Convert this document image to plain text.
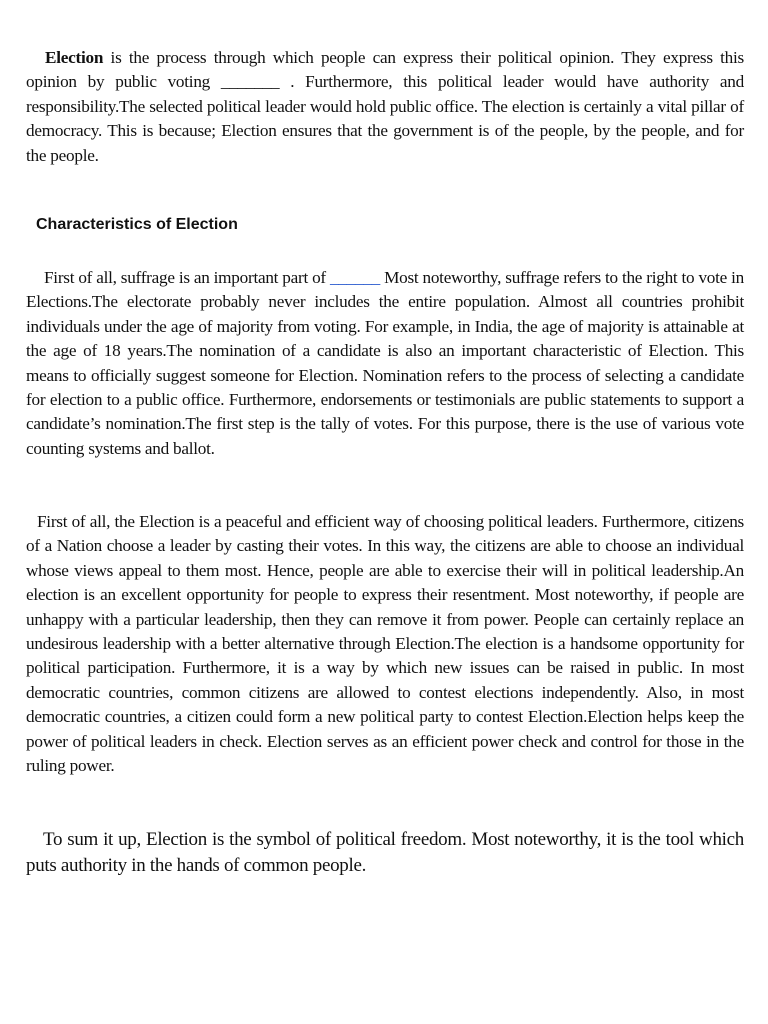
Election is the process through which people can express their political opinion. They express this opinion by public voting _______ . Furthermore, this political leader would have authority and responsibility.The selected political leader would hold public office. The election is certainly a vital pillar of democracy. This is because; Election ensures that the government is of the people, by the people, and for the people.

Characteristics of Election

First of all, suffrage is an important part of ______ Most noteworthy, suffrage refers to the right to vote in Elections.The electorate probably never includes the entire population. Almost all countries prohibit individuals under the age of majority from voting. For example, in India, the age of majority is attainable at the age of 18 years.The nomination of a candidate is also an important characteristic of Election. This means to officially suggest someone for Election. Nomination refers to the process of selecting a candidate for election to a public office. Furthermore, endorsements or testimonials are public statements to support a candidate’s nomination.The first step is the tally of votes. For this purpose, there is the use of various vote counting systems and ballot.

First of all, the Election is a peaceful and efficient way of choosing political leaders. Furthermore, citizens of a Nation choose a leader by casting their votes. In this way, the citizens are able to choose an individual whose views appeal to them most. Hence, people are able to exercise their will in political leadership.An election is an excellent opportunity for people to express their resentment. Most noteworthy, if people are unhappy with a particular leadership, then they can remove it from power. People can certainly replace an undesirous leadership with a better alternative through Election.The election is a handsome opportunity for political participation. Furthermore, it is a way by which new issues can be raised in public. In most democratic countries, common citizens are allowed to contest elections independently. Also, in most democratic countries, a citizen could form a new political party to contest Election.Election helps keep the power of political leaders in check. Election serves as an efficient power check and control for those in the ruling power.

To sum it up, Election is the symbol of political freedom. Most noteworthy, it is the tool which puts authority in the hands of common people.
